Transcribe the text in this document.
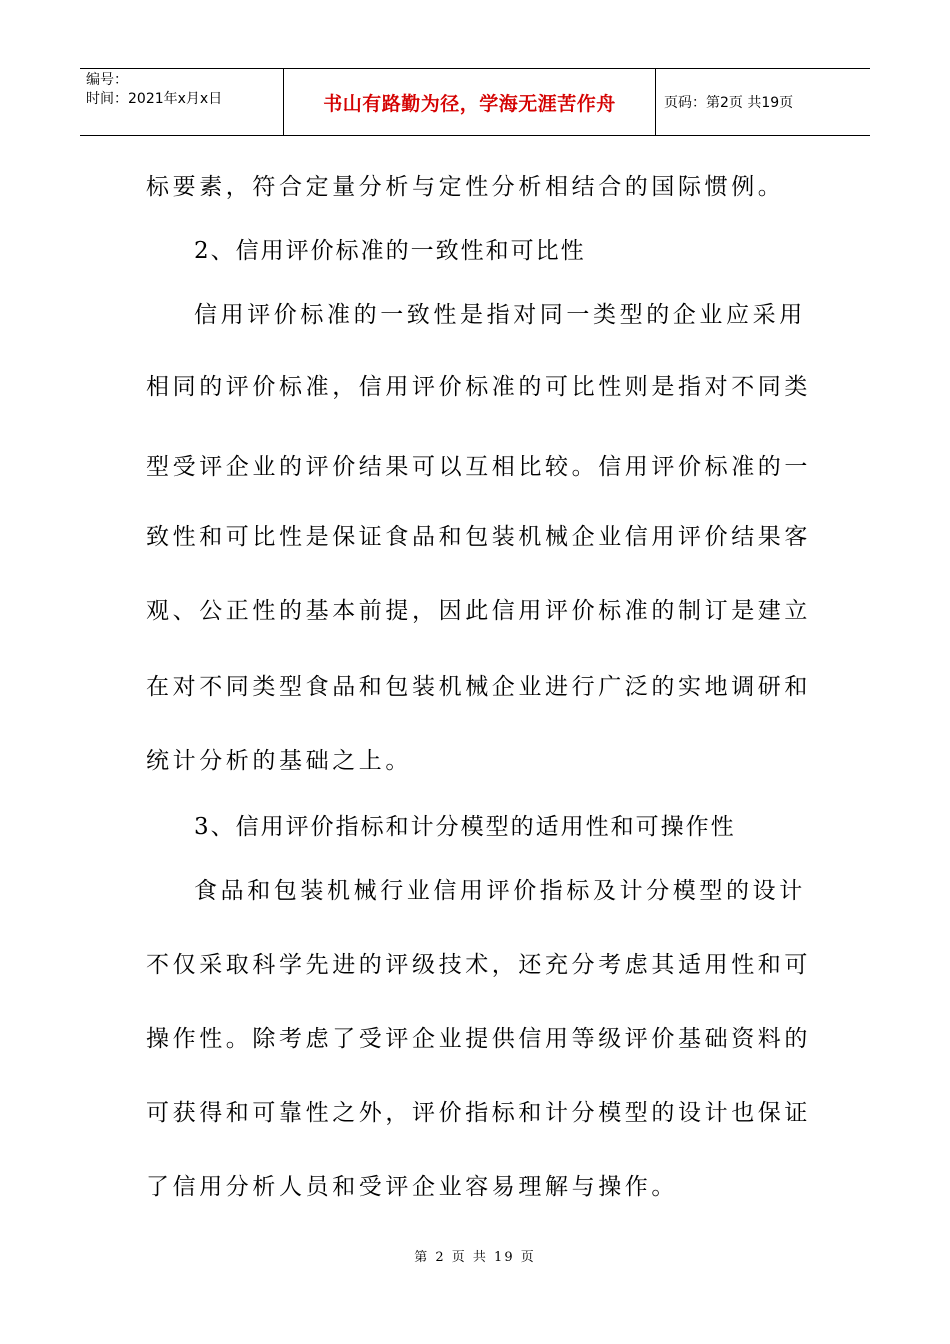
编号：
时间：2021年x月x日	书山有路勤为径，学海无涯苦作舟	页码：第2页 共19页
标要素，符合定量分析与定性分析相结合的国际惯例。
2、信用评价标准的一致性和可比性
信用评价标准的一致性是指对同一类型的企业应采用
相同的评价标准，信用评价标准的可比性则是指对不同类
型受评企业的评价结果可以互相比较。信用评价标准的一
致性和可比性是保证食品和包装机械企业信用评价结果客
观、公正性的基本前提，因此信用评价标准的制订是建立
在对不同类型食品和包装机械企业进行广泛的实地调研和
统计分析的基础之上。
3、信用评价指标和计分模型的适用性和可操作性
食品和包装机械行业信用评价指标及计分模型的设计
不仅采取科学先进的评级技术，还充分考虑其适用性和可
操作性。除考虑了受评企业提供信用等级评价基础资料的
可获得和可靠性之外，评价指标和计分模型的设计也保证
了信用分析人员和受评企业容易理解与操作。
第 2 页 共 19 页
